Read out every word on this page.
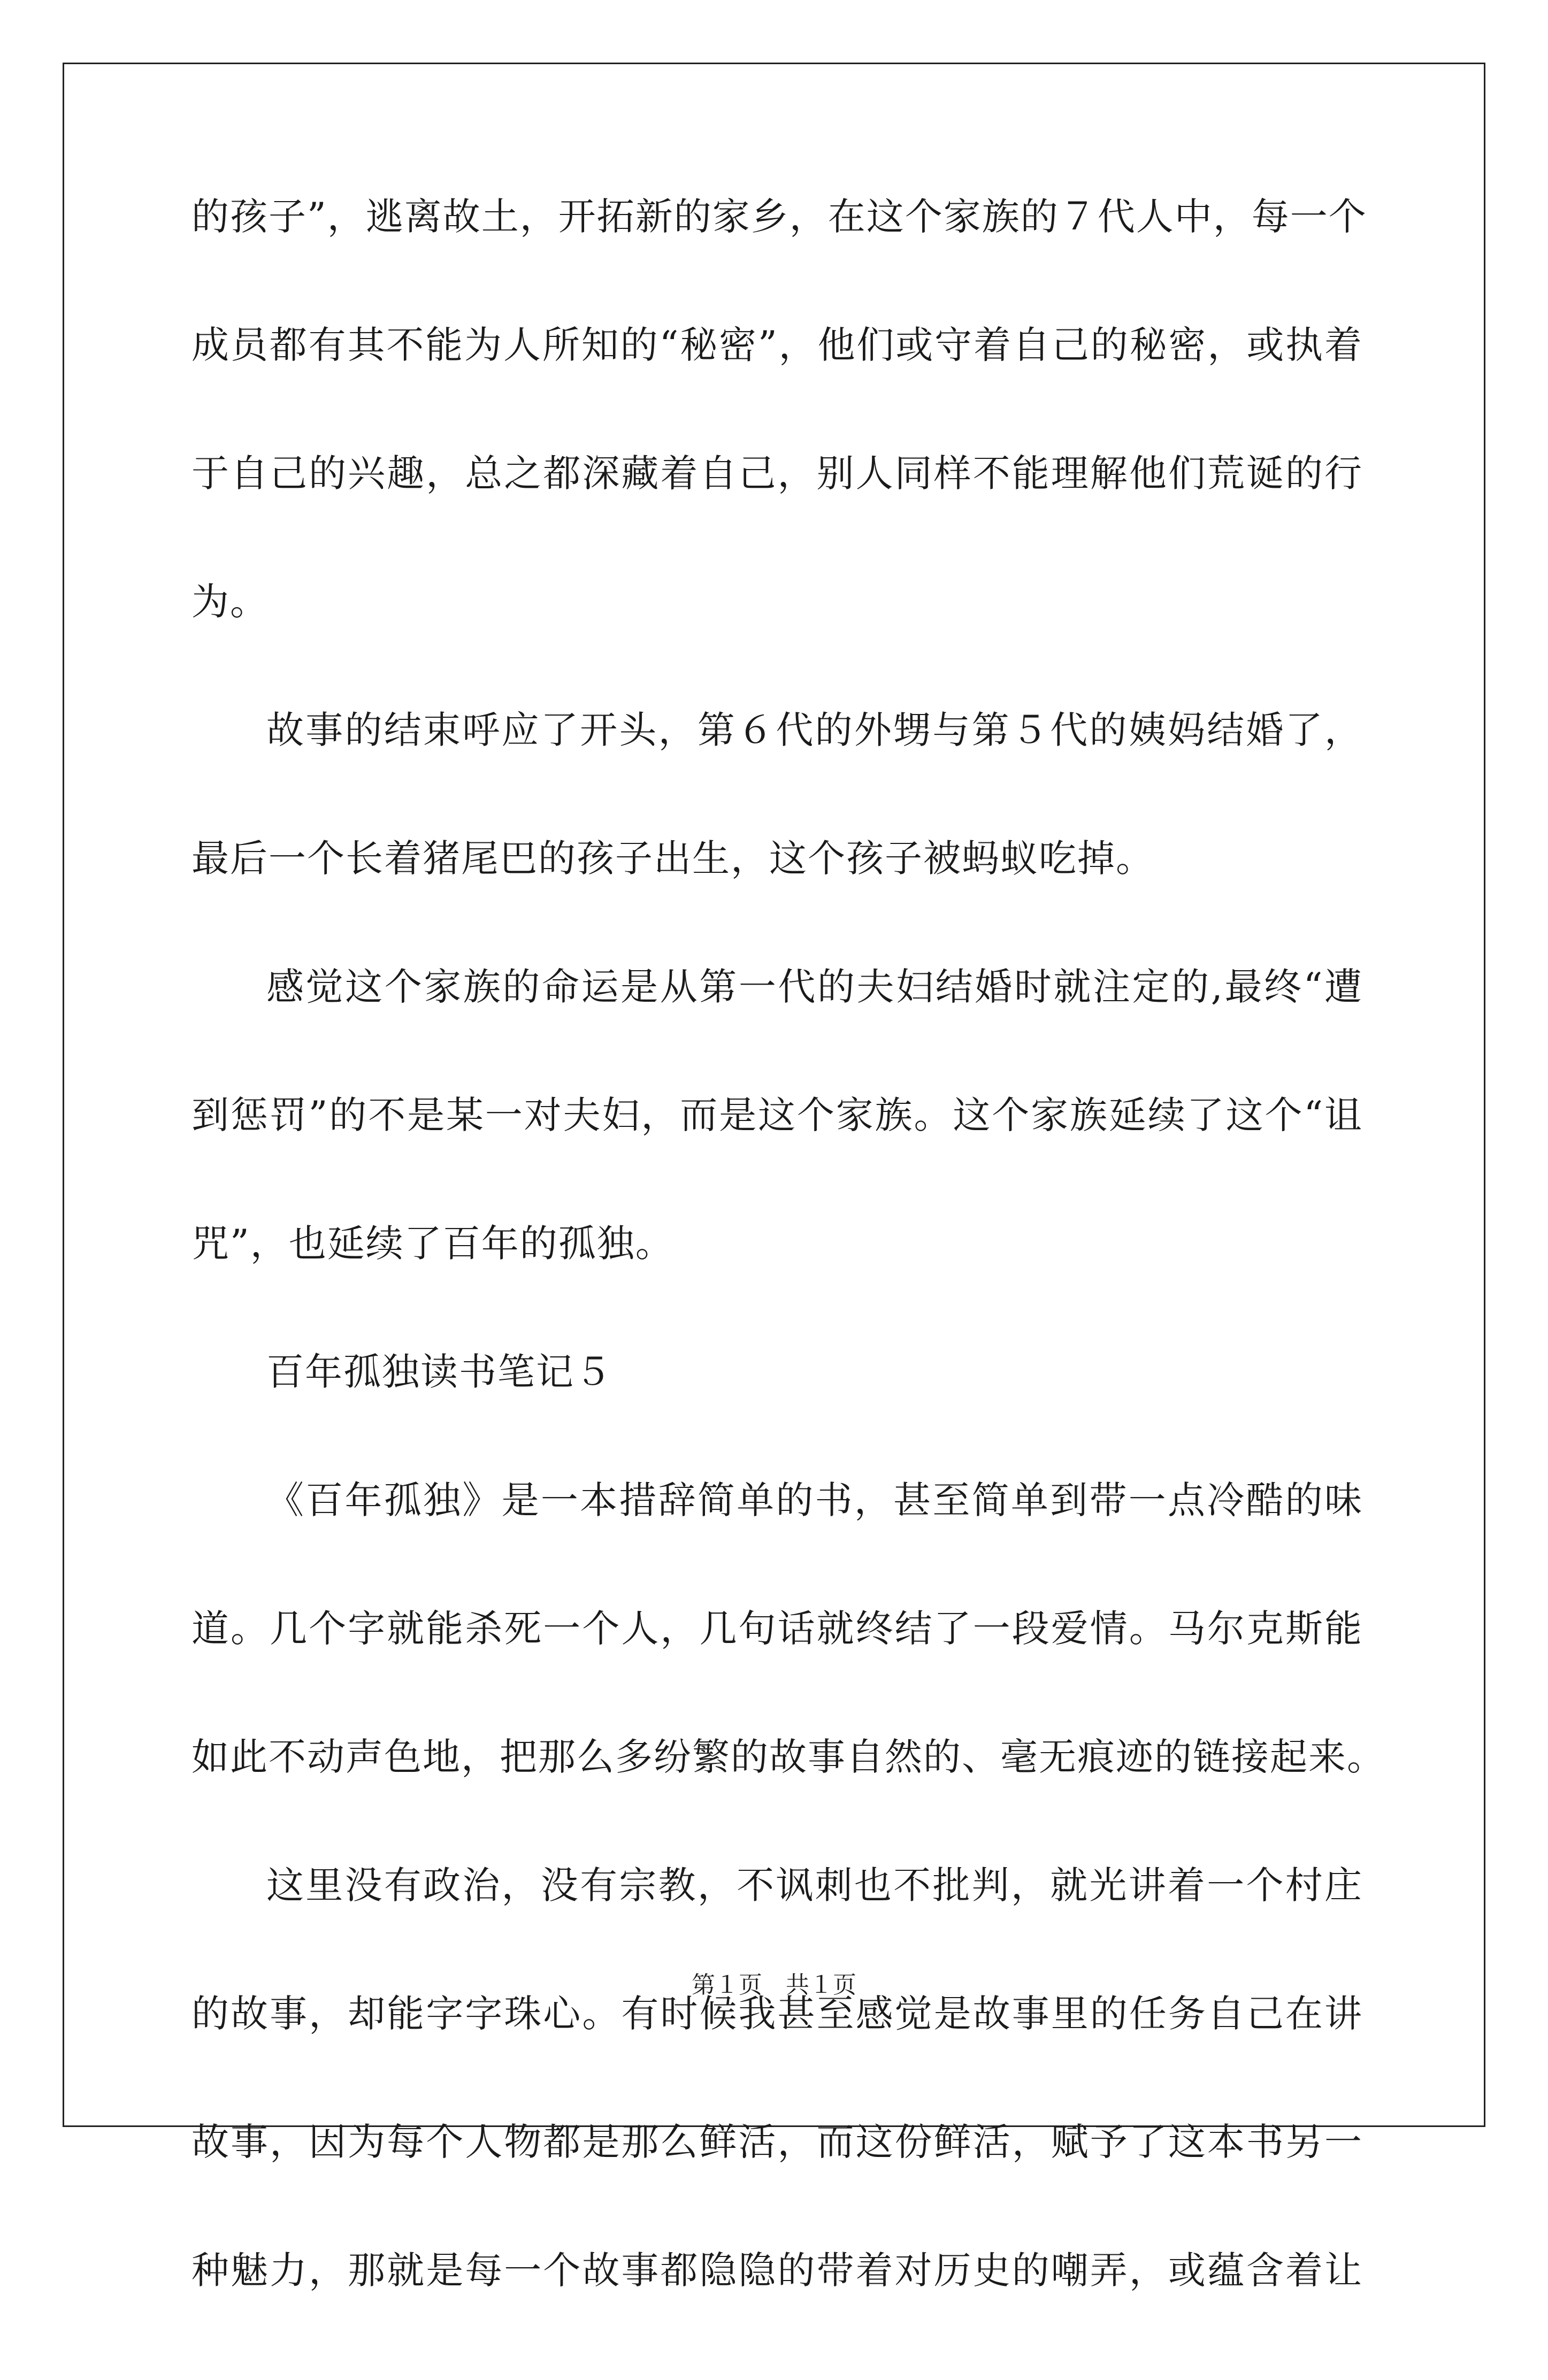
的孩子”，逃离故土，开拓新的家乡，在这个家族的７代人中，每一个
成员都有其不能为人所知的“秘密”，他们或守着自己的秘密，或执着
于自己的兴趣，总之都深藏着自己，别人同样不能理解他们荒诞的行
为。
故事的结束呼应了开头，第６代的外甥与第５代的姨妈结婚了，
最后一个长着猪尾巴的孩子出生，这个孩子被蚂蚁吃掉。
感觉这个家族的命运是从第一代的夫妇结婚时就注定的,最终“遭
到惩罚”的不是某一对夫妇，而是这个家族。这个家族延续了这个“诅
咒”，也延续了百年的孤独。
百年孤独读书笔记５
《百年孤独》是一本措辞简单的书，甚至简单到带一点冷酷的味
道。几个字就能杀死一个人，几句话就终结了一段爱情。马尔克斯能
如此不动声色地，把那么多纷繁的故事自然的、毫无痕迹的链接起来。
这里没有政治，没有宗教，不讽刺也不批判，就光讲着一个村庄
的故事，却能字字珠心。有时候我甚至感觉是故事里的任务自己在讲
故事，因为每个人物都是那么鲜活，而这份鲜活，赋予了这本书另一
种魅力，那就是每一个故事都隐隐的带着对历史的嘲弄，或蕴含着让
第１页　共１页
